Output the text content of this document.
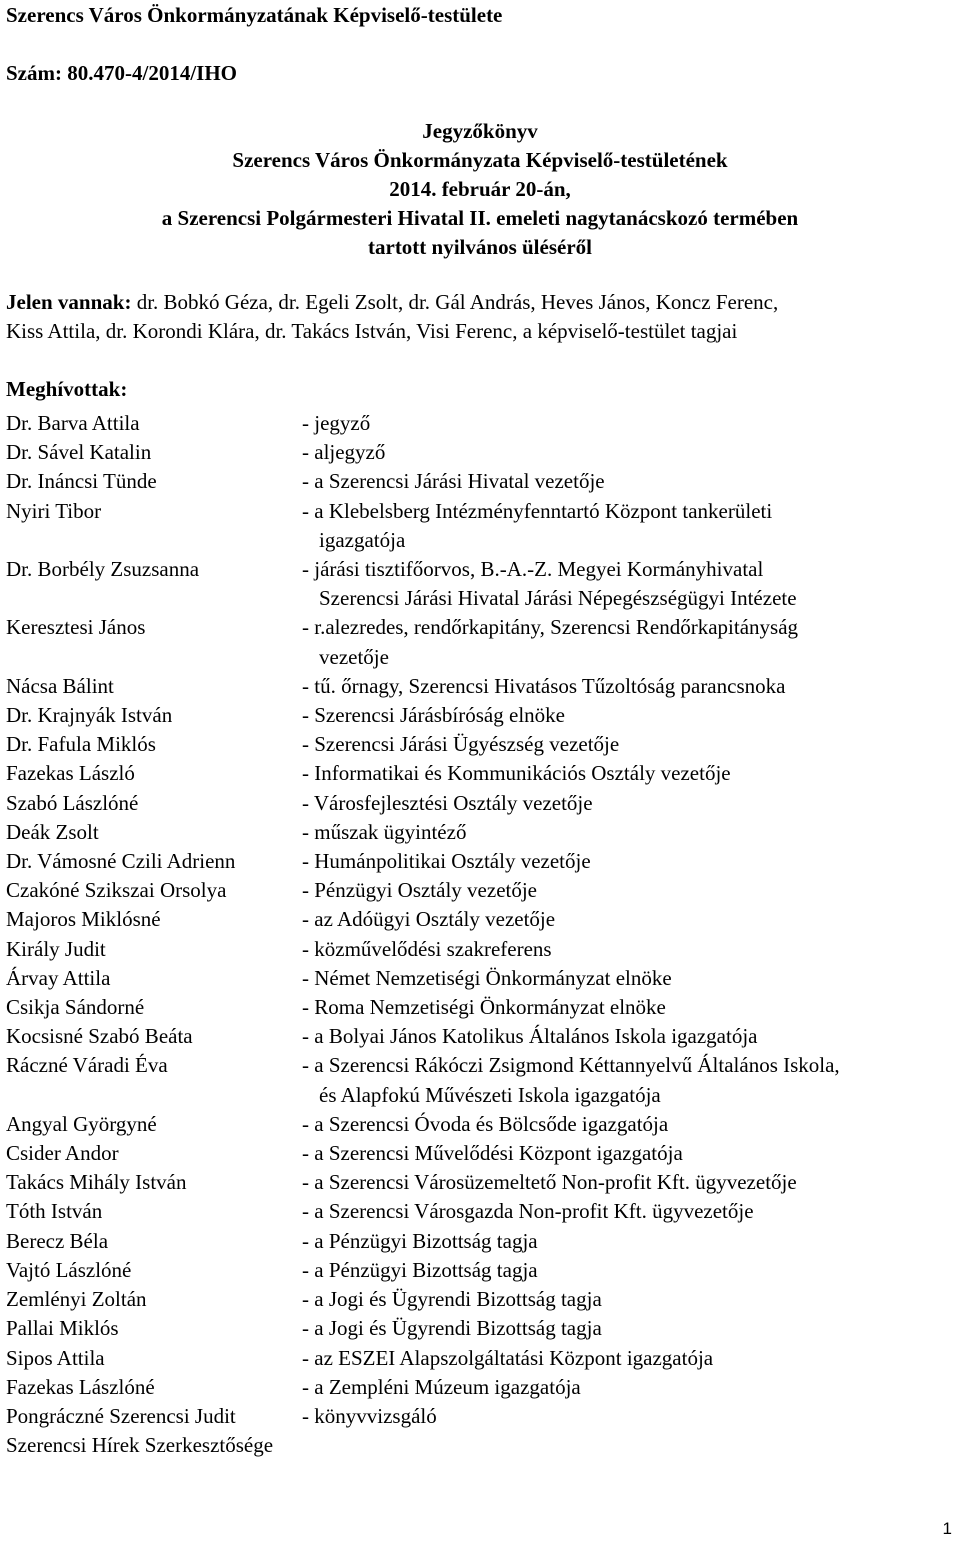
Szerencs Város Önkormányzatának Képviselő-testülete
Szám: 80.470-4/2014/IHO
Jegyzőkönyv
Szerencs Város Önkormányzata Képviselő-testületének
2014. február 20-án,
a Szerencsi Polgármesteri Hivatal II. emeleti nagytanácskozó termében
tartott nyilvános üléséről
Jelen vannak: dr. Bobkó Géza, dr. Egeli Zsolt, dr. Gál András, Heves János, Koncz Ferenc,
Kiss Attila, dr. Korondi Klára, dr. Takács István, Visi Ferenc, a képviselő-testület tagjai
Meghívottak:
Dr. Barva Attila	- jegyző
Dr. Sável Katalin	- aljegyző
Dr. Ináncsi Tünde	- a Szerencsi Járási Hivatal vezetője
Nyiri Tibor	- a Klebelsberg Intézményfenntartó Központ tankerületi
igazgatója
Dr. Borbély Zsuzsanna	- járási tisztifőorvos, B.-A.-Z. Megyei Kormányhivatal
Szerencsi Járási Hivatal Járási Népegészségügyi Intézete
Keresztesi János	- r.alezredes, rendőrkapitány, Szerencsi Rendőrkapitányság
vezetője
Nácsa Bálint	- tű. őrnagy, Szerencsi Hivatásos Tűzoltóság parancsnoka
Dr. Krajnyák István	- Szerencsi Járásbíróság elnöke
Dr. Fafula Miklós	- Szerencsi Járási Ügyészség vezetője
Fazekas László	- Informatikai és Kommunikációs Osztály vezetője
Szabó Lászlóné	- Városfejlesztési Osztály vezetője
Deák Zsolt	- műszak ügyintéző
Dr. Vámosné Czili Adrienn	- Humánpolitikai Osztály vezetője
Czakóné Szikszai Orsolya	- Pénzügyi Osztály vezetője
Majoros Miklósné	- az Adóügyi Osztály vezetője
Király Judit	- közművelődési szakreferens
Árvay Attila	- Német Nemzetiségi Önkormányzat elnöke
Csikja Sándorné	- Roma Nemzetiségi Önkormányzat elnöke
Kocsisné Szabó Beáta	- a Bolyai János Katolikus Általános Iskola igazgatója
Ráczné Váradi Éva	- a Szerencsi Rákóczi Zsigmond Kéttannyelvű Általános Iskola,
és Alapfokú Művészeti Iskola igazgatója
Angyal Györgyné	- a Szerencsi Óvoda és Bölcsőde igazgatója
Csider Andor	- a Szerencsi Művelődési Központ igazgatója
Takács Mihály István	- a Szerencsi Városüzemeltető Non-profit Kft. ügyvezetője
Tóth István	- a Szerencsi Városgazda Non-profit Kft. ügyvezetője
Berecz Béla	- a Pénzügyi Bizottság tagja
Vajtó Lászlóné	- a Pénzügyi Bizottság tagja
Zemlényi Zoltán	- a Jogi és Ügyrendi Bizottság tagja
Pallai Miklós	- a Jogi és Ügyrendi Bizottság tagja
Sipos Attila	- az ESZEI Alapszolgáltatási Központ igazgatója
Fazekas Lászlóné	- a Zempléni Múzeum igazgatója
Pongráczné Szerencsi Judit	- könyvvizsgáló
Szerencsi Hírek Szerkesztősége
1
